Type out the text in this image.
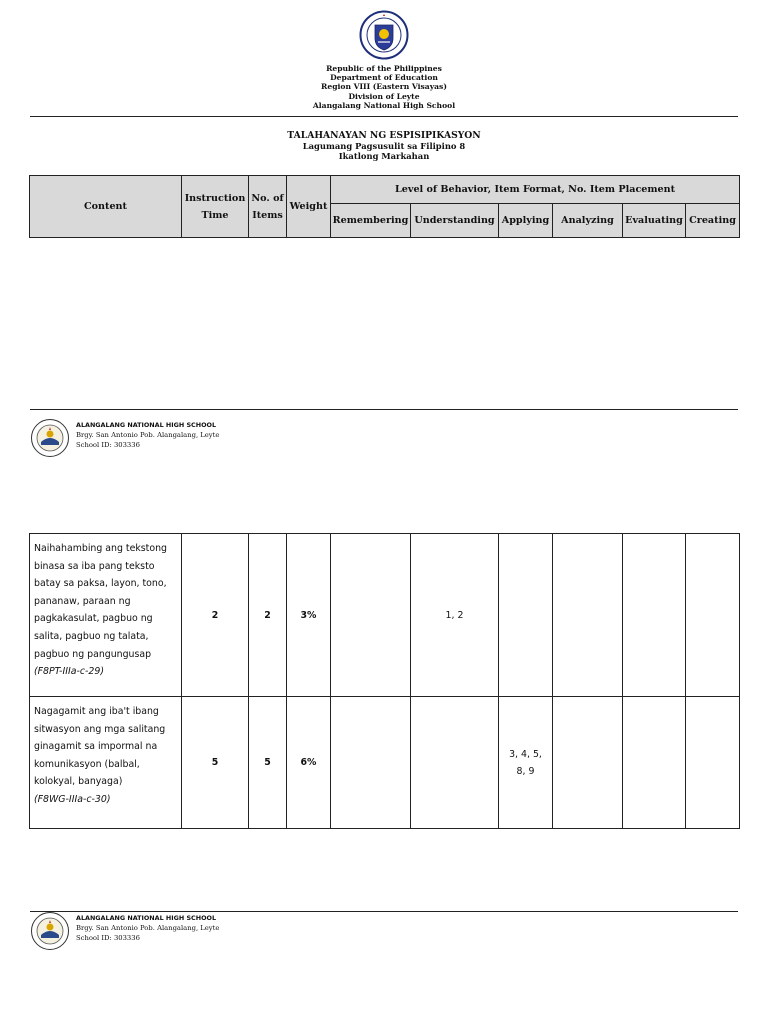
Republic of the Philippines
Department of Education
Region VIII (Eastern Visayas)
Division of Leyte
Alangalang National High School
TALAHANAYAN NG ESPISIPIKASYON
Lagumang Pagsusulit sa Filipino 8
Ikatlong Markahan
Content	Instruction Time	No. of Items	Weight	Level of Behavior, Item Format, No. Item Placement					
				Remembering	Understanding	Applying	Analyzing	Evaluating	Creating
ALANGALANG NATIONAL HIGH SCHOOL
Brgy. San Antonio Pob. Alangalang, Leyte
School ID: 303336
Naihahambing ang tekstong binasa sa iba pang teksto batay sa paksa, layon, tono, pananaw, paraan ng pagkakasulat, pagbuo ng salita, pagbuo ng talata, pagbuo ng pangungusap
(F8PT-IIIa-c-29)	2	2	3%		1, 2				
Nagagamit ang iba't ibang sitwasyon ang mga salitang ginagamit sa impormal na komunikasyon (balbal, kolokyal, banyaga)
(F8WG-IIIa-c-30)	5	5	6%			3, 4, 5, 8, 9			
ALANGALANG NATIONAL HIGH SCHOOL
Brgy. San Antonio Pob. Alangalang, Leyte
School ID: 303336
